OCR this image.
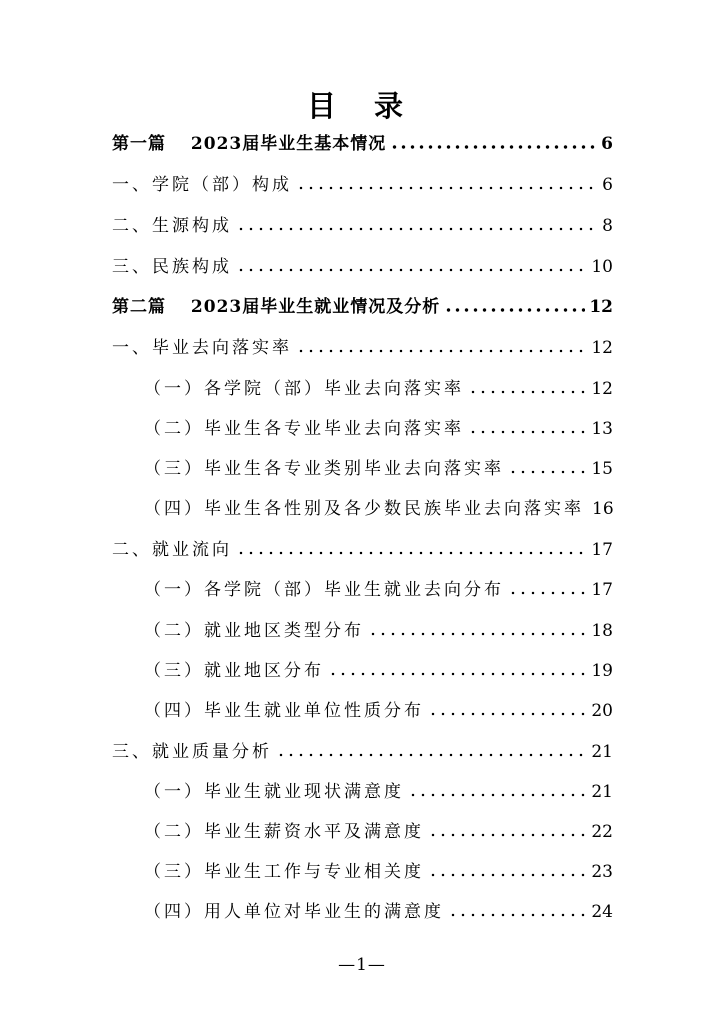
目 录
第一篇　 2023届毕业生基本情况	6
一、学院（部）构成	6
二、生源构成	8
三、民族构成	10
第二篇　 2023届毕业生就业情况及分析	12
一、毕业去向落实率	12
（一）各学院（部）毕业去向落实率	12
（二）毕业生各专业毕业去向落实率	13
（三）毕业生各专业类别毕业去向落实率	15
（四）毕业生各性别及各少数民族毕业去向落实率 16
二、就业流向	17
（一）各学院（部）毕业生就业去向分布	17
（二）就业地区类型分布	18
（三）就业地区分布	19
（四）毕业生就业单位性质分布	20
三、就业质量分析	21
（一）毕业生就业现状满意度	21
（二）毕业生薪资水平及满意度	22
（三）毕业生工作与专业相关度	23
（四）用人单位对毕业生的满意度	24
—1—
